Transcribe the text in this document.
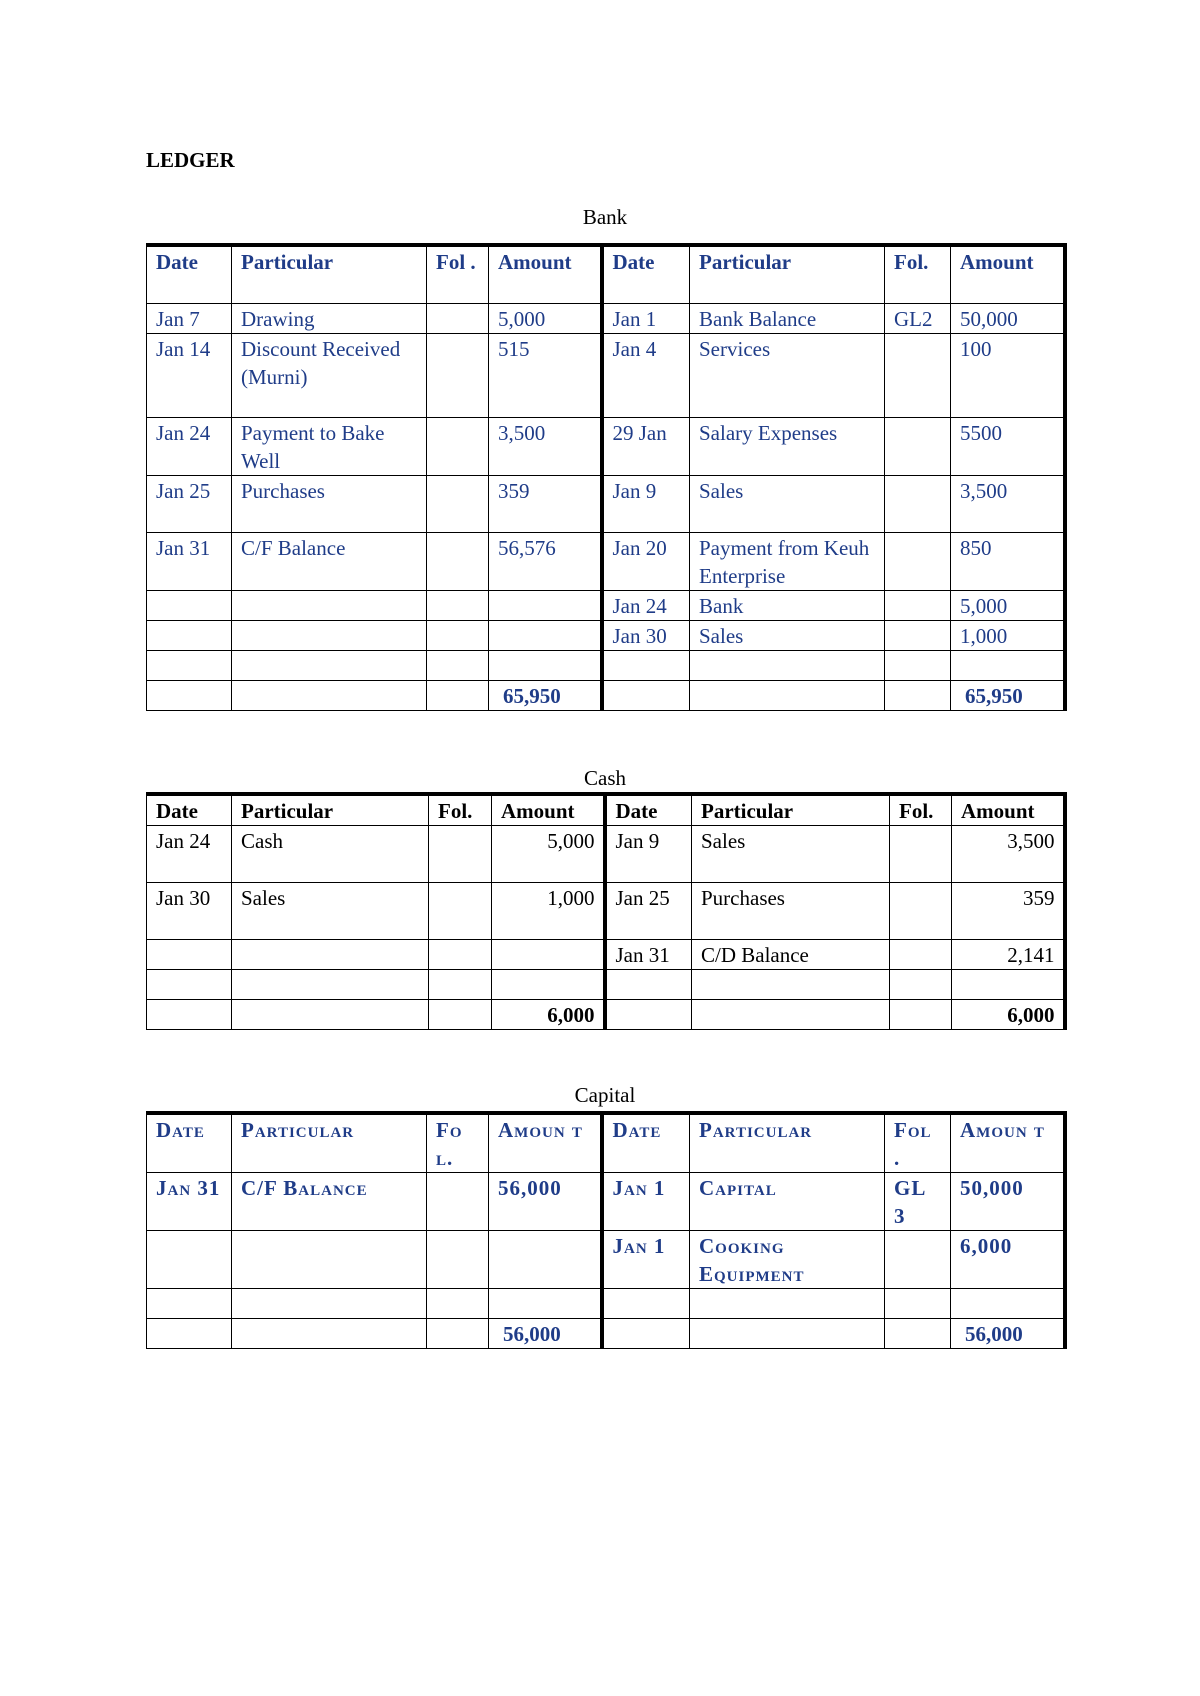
LEDGER
Bank
Date	Particular	Fol .	Amount	Date	Particular	Fol.	Amount
Jan 7	Drawing		5,000	Jan 1	Bank Balance	GL2	50,000
Jan 14	Discount Received (Murni)		515	Jan 4	Services		100
Jan 24	Payment to Bake Well		3,500	29 Jan	Salary Expenses		5500
Jan 25	Purchases		359	Jan 9	Sales		3,500
Jan 31	C/F Balance		56,576	Jan 20	Payment from Keuh Enterprise		850
				Jan 24	Bank		5,000
				Jan 30	Sales		1,000

			65,950				65,950
Cash
Date	Particular	Fol.	Amount	Date	Particular	Fol.	Amount
Jan 24	Cash		5,000	Jan 9	Sales		3,500
Jan 30	Sales		1,000	Jan 25	Purchases		359
				Jan 31	C/D Balance		2,141

			6,000				6,000
Capital
Date	Particular	Fo l.	Amoun t	Date	Particular	Fol .	Amoun t
Jan 31	C/F Balance		56,000	Jan 1	Capital	GL 3	50,000
				Jan 1	Cooking Equipment		6,000

			56,000				56,000
